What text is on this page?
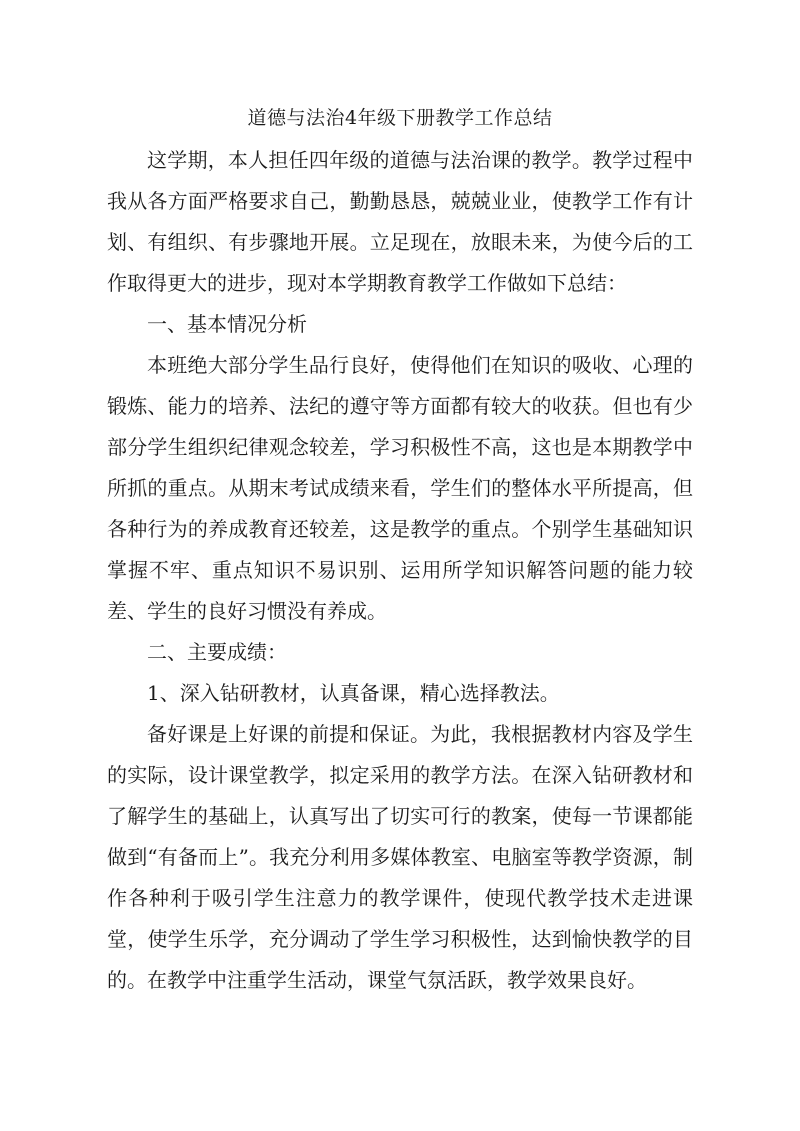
道德与法治4年级下册教学工作总结

这学期，本人担任四年级的道德与法治课的教学。教学过程中我从各方面严格要求自己，勤勤恳恳，兢兢业业，使教学工作有计划、有组织、有步骤地开展。立足现在，放眼未来，为使今后的工作取得更大的进步，现对本学期教育教学工作做如下总结：

一、基本情况分析

本班绝大部分学生品行良好，使得他们在知识的吸收、心理的锻炼、能力的培养、法纪的遵守等方面都有较大的收获。但也有少部分学生组织纪律观念较差，学习积极性不高，这也是本期教学中所抓的重点。从期末考试成绩来看，学生们的整体水平所提高，但各种行为的养成教育还较差，这是教学的重点。个别学生基础知识掌握不牢、重点知识不易识别、运用所学知识解答问题的能力较差、学生的良好习惯没有养成。

二、主要成绩：

1、深入钻研教材，认真备课，精心选择教法。

备好课是上好课的前提和保证。为此，我根据教材内容及学生的实际，设计课堂教学，拟定采用的教学方法。在深入钻研教材和了解学生的基础上，认真写出了切实可行的教案，使每一节课都能做到“有备而上”。我充分利用多媒体教室、电脑室等教学资源，制作各种利于吸引学生注意力的教学课件，使现代教学技术走进课堂，使学生乐学，充分调动了学生学习积极性，达到愉快教学的目的。在教学中注重学生活动，课堂气氛活跃，教学效果良好。
